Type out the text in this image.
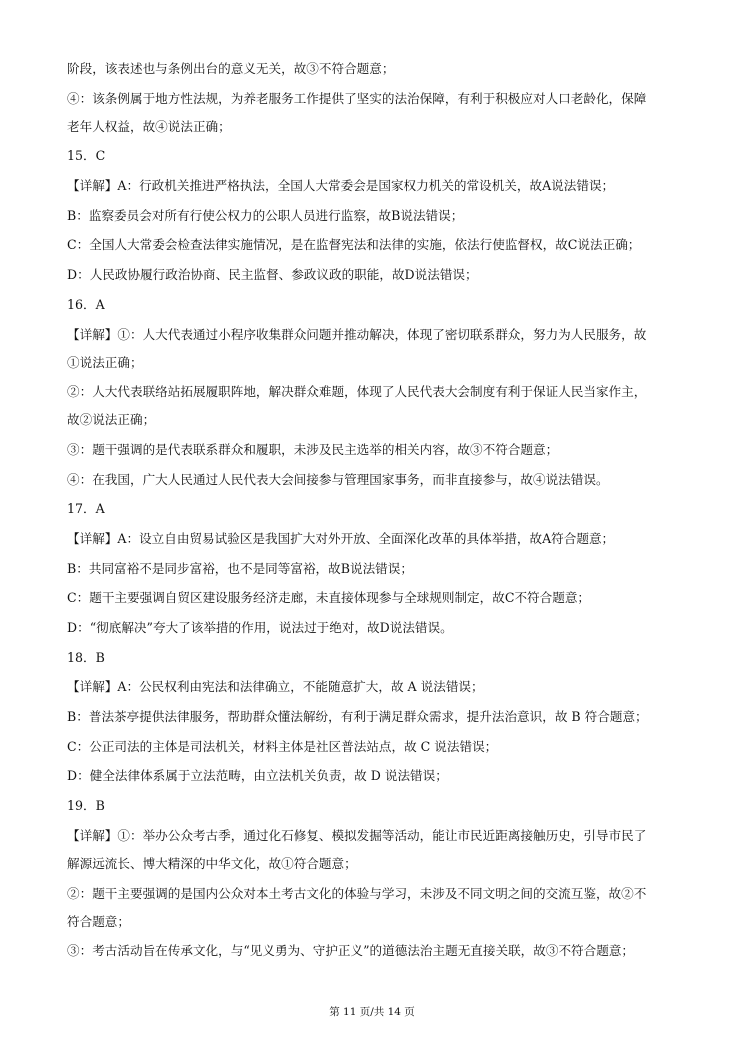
阶段，该表述也与条例出台的意义无关，故③不符合题意；
④：该条例属于地方性法规，为养老服务工作提供了坚实的法治保障，有利于积极应对人口老龄化，保障
老年人权益，故④说法正确；
15．C
【详解】A：行政机关推进严格执法，全国人大常委会是国家权力机关的常设机关，故A说法错误；
B：监察委员会对所有行使公权力的公职人员进行监察，故B说法错误；
C：全国人大常委会检查法律实施情况，是在监督宪法和法律的实施，依法行使监督权，故C说法正确；
D：人民政协履行政治协商、民主监督、参政议政的职能，故D说法错误；
16．A
【详解】①：人大代表通过小程序收集群众问题并推动解决，体现了密切联系群众，努力为人民服务，故
①说法正确；
②：人大代表联络站拓展履职阵地，解决群众难题，体现了人民代表大会制度有利于保证人民当家作主，
故②说法正确；
③：题干强调的是代表联系群众和履职，未涉及民主选举的相关内容，故③不符合题意；
④：在我国，广大人民通过人民代表大会间接参与管理国家事务，而非直接参与，故④说法错误。
17．A
【详解】A：设立自由贸易试验区是我国扩大对外开放、全面深化改革的具体举措，故A符合题意；
B：共同富裕不是同步富裕，也不是同等富裕，故B说法错误；
C：题干主要强调自贸区建设服务经济走廊，未直接体现参与全球规则制定，故C不符合题意；
D：“彻底解决”夸大了该举措的作用，说法过于绝对，故D说法错误。
18．B
【详解】A：公民权利由宪法和法律确立，不能随意扩大，故 A 说法错误；
B：普法茶亭提供法律服务，帮助群众懂法解纷，有利于满足群众需求，提升法治意识，故 B 符合题意；
C：公正司法的主体是司法机关，材料主体是社区普法站点，故 C 说法错误；
D：健全法律体系属于立法范畴，由立法机关负责，故 D 说法错误；
19．B
【详解】①：举办公众考古季，通过化石修复、模拟发掘等活动，能让市民近距离接触历史，引导市民了
解源远流长、博大精深的中华文化，故①符合题意；
②：题干主要强调的是国内公众对本土考古文化的体验与学习，未涉及不同文明之间的交流互鉴，故②不
符合题意；
③：考古活动旨在传承文化，与“见义勇为、守护正义”的道德法治主题无直接关联，故③不符合题意；
第 11 页/共 14 页
